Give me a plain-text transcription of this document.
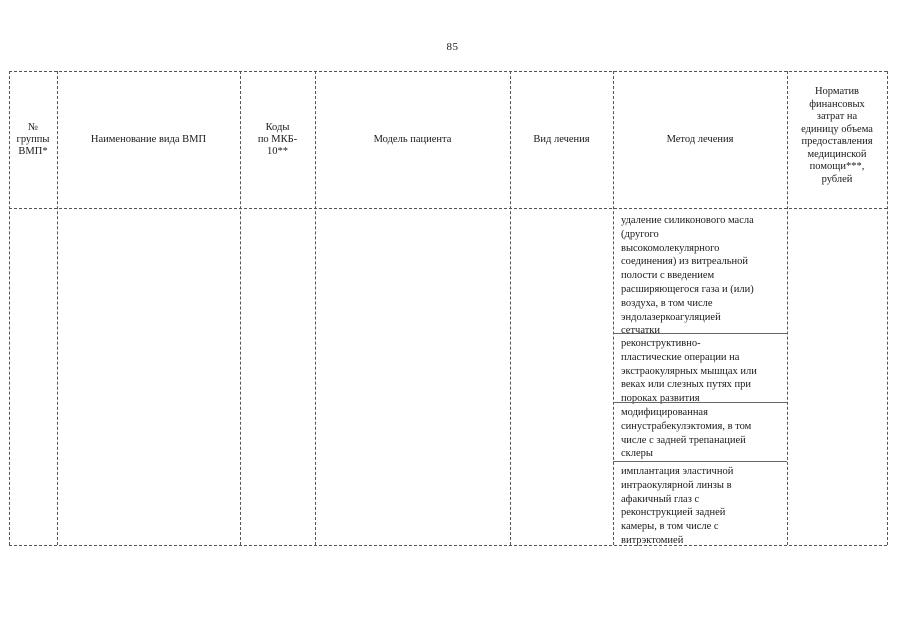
85
№
группы
ВМП*
Наименование вида ВМП
Коды
по МКБ-
10**
Модель пациента	Вид лечения	Метод лечения
Норматив
финансовых
затрат на
единицу объема
предоставления
медицинской
помощи***,
рублей
удаление силиконового масла
(другого
высокомолекулярного
соединения) из витреальной
полости с введением
расширяющегося газа и (или)
воздуха, в том числе
эндолазеркоагуляцией
сетчатки
реконструктивно-
пластические операции на
экстраокулярных мышцах или
веках или слезных путях при
пороках развития
модифицированная
синустрабекулэктомия, в том
числе с задней трепанацией
склеры
имплантация эластичной
интраокулярной линзы в
афакичный глаз с
реконструкцией задней
камеры, в том числе с
витрэктомией
